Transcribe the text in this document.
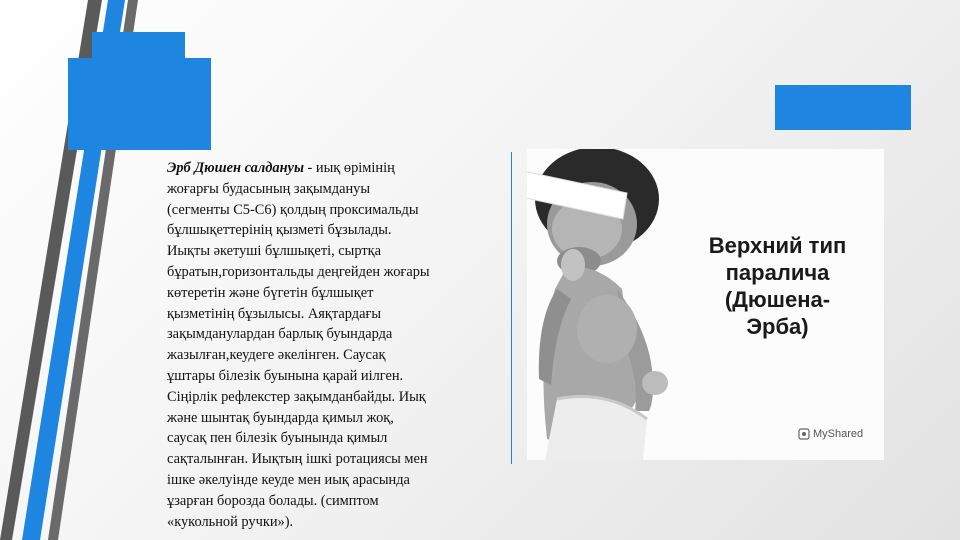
Эрб Дюшен салдануы - иық өрімінің
жоғарғы будасының зақымдануы
(сегменты С5-С6) қолдың проксимальды
бұлшықеттерінің қызметі бұзылады.
Иықты әкетуші бұлшықеті, сыртқа
бұратын,горизонтальды деңгейден жоғары
көтеретін және бүгетін бұлшықет
қызметінің бұзылысы. Аяқтардағы
зақымданулардан барлық буындарда
жазылған,кеудеге әкелінген. Саусақ
ұштары білезік буынына қарай иілген.
Сіңірлік рефлекстер зақымданбайды. Иық
және шынтақ буындарда қимыл жоқ,
саусақ пен білезік буынында қимыл
сақталынған. Иықтың ішкі ротациясы мен
ішке әкелуінде кеуде мен иық арасында
ұзарған борозда болады. (симптом
«кукольной ручки»).
Верхний тип
паралича
(Дюшена-
Эрба)
MyShared
